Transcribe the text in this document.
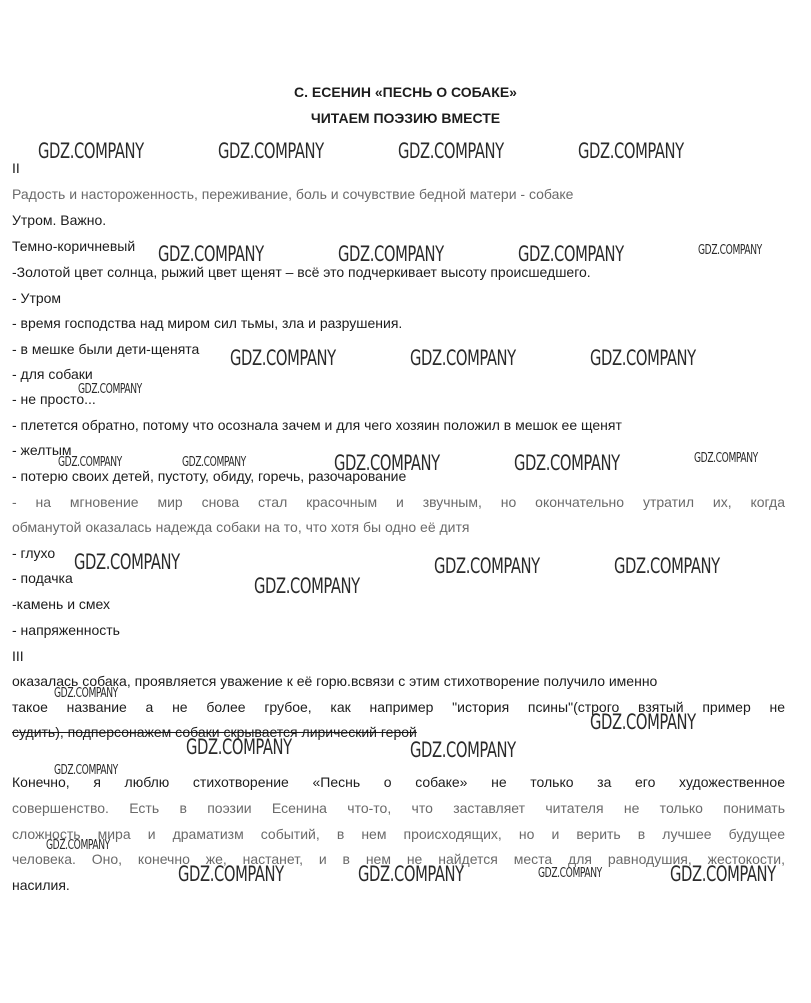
С. ЕСЕНИН «ПЕСНЬ О СОБАКЕ»
ЧИТАЕМ ПОЭЗИЮ ВМЕСТЕ

II

Радость и настороженность, переживание, боль и сочувствие бедной матери - собаке

Утром. Важно.

Темно-коричневый

-Золотой цвет солнца, рыжий цвет щенят – всё это подчеркивает высоту происшедшего.

- Утром

- время господства над миром сил тьмы, зла и разрушения.

- в мешке были дети-щенята

- для собаки

- не просто...

- плетется обратно, потому что осознала зачем и для чего хозяин положил в мешок ее щенят

- желтым

- потерю своих детей, пустоту, обиду, горечь, разочарование

- на мгновение мир снова стал красочным и звучным, но окончательно утратил их, когда

обманутой оказалась надежда собаки на то, что хотя бы одно её дитя

- глухо

- подачка

-камень и смех

- напряженность

III

оказалась собака, проявляется уважение к её горю.всвязи с этим стихотворение получило именно

такое название а не более грубое, как например "история псины"(строго взятый пример не

судить), подперсонажем собаки скрывается лирический герой

Конечно, я люблю стихотворение «Песнь о собаке» не только за его художественное

совершенство. Есть в поэзии Есенина что-то, что заставляет читателя не только понимать

сложность мира и драматизм событий, в нем происходящих, но и верить в лучшее будущее

человека. Оно, конечно же, настанет, и в нем не найдется места для равнодушия, жестокости,

насилия.

GDZ.COMPANY	GDZ.COMPANY	GDZ.COMPANY	GDZ.COMPANY
GDZ.COMPANY	GDZ.COMPANY	GDZ.COMPANY	GDZ.COMPANY
GDZ.COMPANY	GDZ.COMPANY	GDZ.COMPANY
GDZ.COMPANY
GDZ.COMPANY	GDZ.COMPANY	GDZ.COMPANY	GDZ.COMPANY	GDZ.COMPANY
GDZ.COMPANY	GDZ.COMPANY	GDZ.COMPANY
GDZ.COMPANY
GDZ.COMPANY
GDZ.COMPANY
GDZ.COMPANY	GDZ.COMPANY
GDZ.COMPANY
GDZ.COMPANY
GDZ.COMPANY	GDZ.COMPANY	GDZ.COMPANY	GDZ.COMPANY
